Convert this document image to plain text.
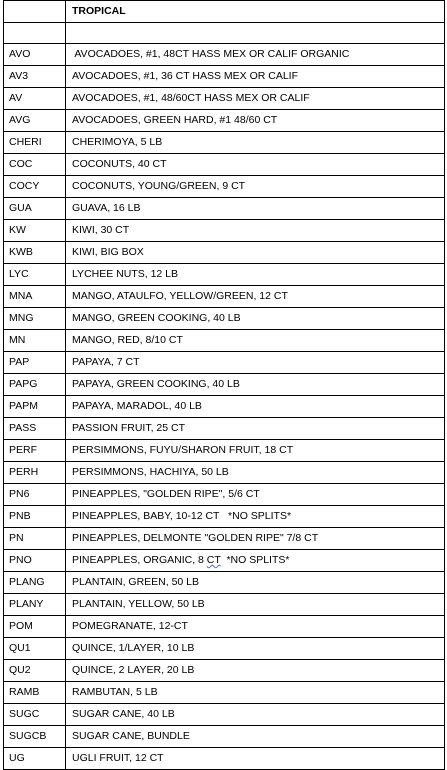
	TROPICAL

AVO	AVOCADOES, #1, 48CT HASS MEX OR CALIF ORGANIC
AV3	AVOCADOES, #1, 36 CT HASS MEX OR CALIF
AV	AVOCADOES, #1, 48/60CT HASS MEX OR CALIF
AVG	AVOCADOES, GREEN HARD, #1 48/60 CT
CHERI	CHERIMOYA, 5 LB
COC	COCONUTS, 40 CT
COCY	COCONUTS, YOUNG/GREEN, 9 CT
GUA	GUAVA, 16 LB
KW	KIWI, 30 CT
KWB	KIWI, BIG BOX
LYC	LYCHEE NUTS, 12 LB
MNA	MANGO, ATAULFO, YELLOW/GREEN, 12 CT
MNG	MANGO, GREEN COOKING, 40 LB
MN	MANGO, RED, 8/10 CT
PAP	PAPAYA, 7 CT
PAPG	PAPAYA, GREEN COOKING, 40 LB
PAPM	PAPAYA, MARADOL, 40 LB
PASS	PASSION FRUIT, 25 CT
PERF	PERSIMMONS, FUYU/SHARON FRUIT, 18 CT
PERH	PERSIMMONS, HACHIYA, 50 LB
PN6	PINEAPPLES, "GOLDEN RIPE", 5/6 CT
PNB	PINEAPPLES, BABY, 10-12 CT   *NO SPLITS*
PN	PINEAPPLES, DELMONTE "GOLDEN RIPE" 7/8 CT
PNO	PINEAPPLES, ORGANIC, 8 CT  *NO SPLITS*
PLANG	PLANTAIN, GREEN, 50 LB
PLANY	PLANTAIN, YELLOW, 50 LB
POM	POMEGRANATE, 12-CT
QU1	QUINCE, 1/LAYER, 10 LB
QU2	QUINCE, 2 LAYER, 20 LB
RAMB	RAMBUTAN, 5 LB
SUGC	SUGAR CANE, 40 LB
SUGCB	SUGAR CANE, BUNDLE
UG	UGLI FRUIT, 12 CT
